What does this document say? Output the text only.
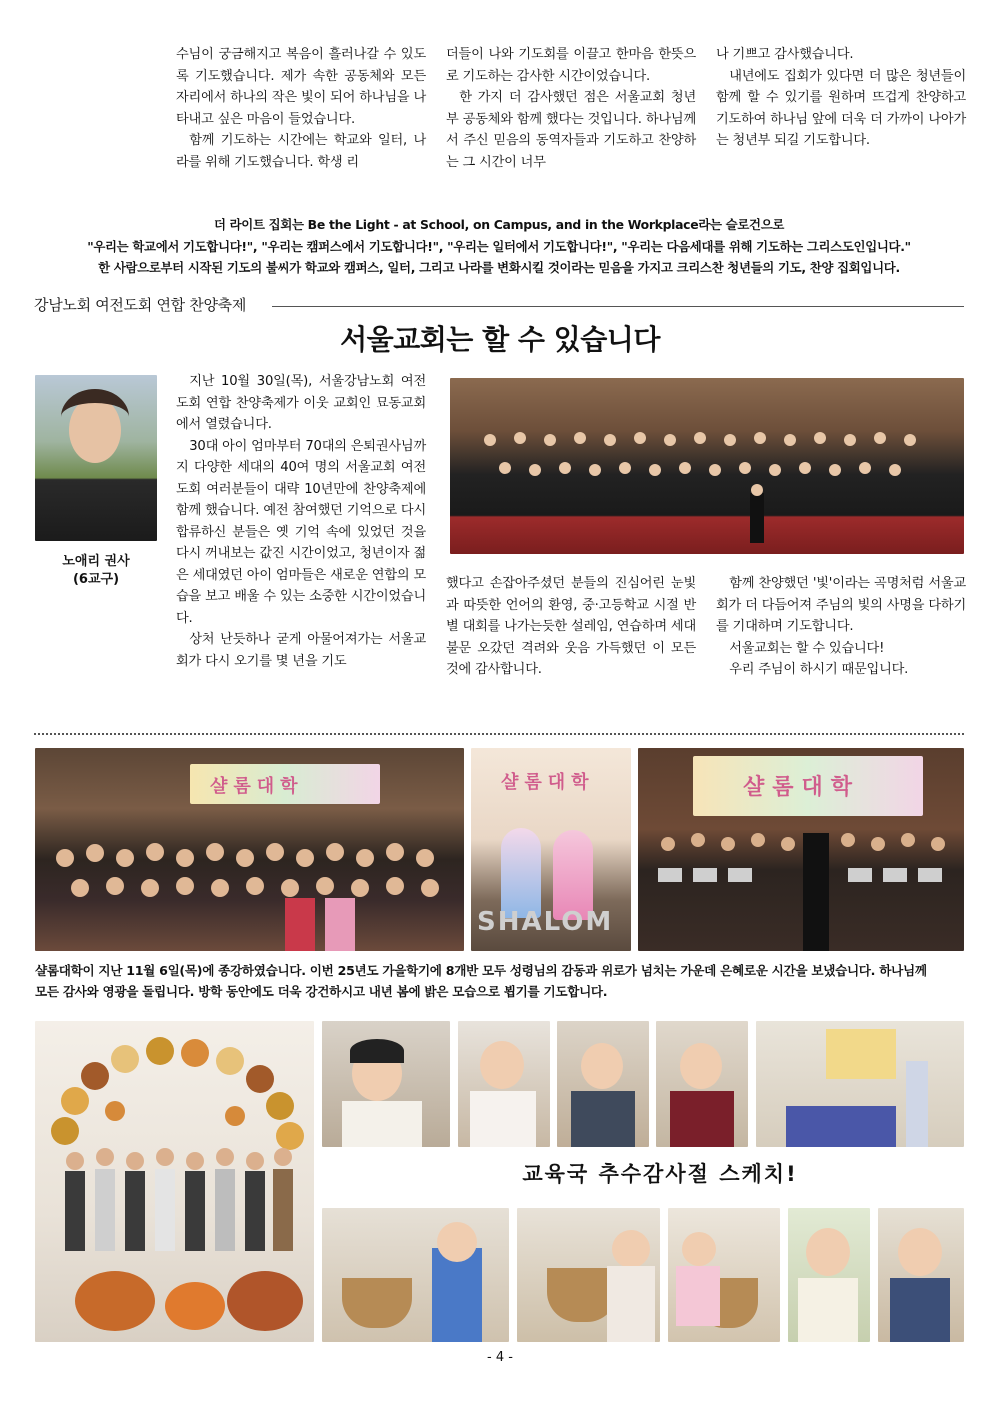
수님이 궁금해지고 복음이 흘러나갈 수 있도록 기도했습니다. 제가 속한 공동체와 모든 자리에서 하나의 작은 빛이 되어 하나님을 나타내고 싶은 마음이 들었습니다.

함께 기도하는 시간에는 학교와 일터, 나라를 위해 기도했습니다. 학생 리

더들이 나와 기도회를 이끌고 한마음 한뜻으로 기도하는 감사한 시간이었습니다.

한 가지 더 감사했던 점은 서울교회 청년부 공동체와 함께 했다는 것입니다. 하나님께서 주신 믿음의 동역자들과 기도하고 찬양하는 그 시간이 너무

나 기쁘고 감사했습니다.

내년에도 집회가 있다면 더 많은 청년들이 함께 할 수 있기를 원하며 뜨겁게 찬양하고 기도하여 하나님 앞에 더욱 더 가까이 나아가는 청년부 되길 기도합니다.

더 라이트 집회는 Be the Light - at School, on Campus, and in the Workplace라는 슬로건으로
"우리는 학교에서 기도합니다!", "우리는 캠퍼스에서 기도합니다!", "우리는 일터에서 기도합니다!", "우리는 다음세대를 위해 기도하는 그리스도인입니다."
한 사람으로부터 시작된 기도의 불씨가 학교와 캠퍼스, 일터, 그리고 나라를 변화시킬 것이라는 믿음을 가지고 크리스찬 청년들의 기도, 찬양 집회입니다.
강남노회 여전도회 연합 찬양축제
서울교회는 할 수 있습니다
노애리 권사
(6교구)

지난 10월 30일(목), 서울강남노회 여전도회 연합 찬양축제가 이웃 교회인 묘동교회에서 열렸습니다.

30대 아이 엄마부터 70대의 은퇴권사님까지 다양한 세대의 40여 명의 서울교회 여전도회 여러분들이 대략 10년만에 찬양축제에 함께 했습니다. 예전 참여했던 기억으로 다시 합류하신 분들은 옛 기억 속에 있었던 것을 다시 꺼내보는 값진 시간이었고, 청년이자 젊은 세대였던 아이 엄마들은 새로운 연합의 모습을 보고 배울 수 있는 소중한 시간이었습니다.

상처 난듯하나 굳게 아물어져가는 서울교회가 다시 오기를 몇 년을 기도

했다고 손잡아주셨던 분들의 진심어린 눈빛과 따뜻한 언어의 환영, 중·고등학교 시절 반별 대회를 나가는듯한 설레임, 연습하며 세대 불문 오갔던 격려와 웃음 가득했던 이 모든 것에 감사합니다.

함께 찬양했던 '빛'이라는 곡명처럼 서울교회가 더 다듬어져 주님의 빛의 사명을 다하기를 기대하며 기도합니다.

서울교회는 할 수 있습니다!

우리 주님이 하시기 때문입니다.

샬롬대학	샬롬대학
SHALOM
샬롬대학
샬롬대학이 지난 11월 6일(목)에 종강하였습니다. 이번 25년도 가을학기에 8개반 모두 성령님의 감동과 위로가 넘치는 가운데 은혜로운 시간을 보냈습니다. 하나님께
모든 감사와 영광을 돌립니다. 방학 동안에도 더욱 강건하시고 내년 봄에 밝은 모습으로 뵙기를 기도합니다.
교육국 추수감사절 스케치!
- 4 -
